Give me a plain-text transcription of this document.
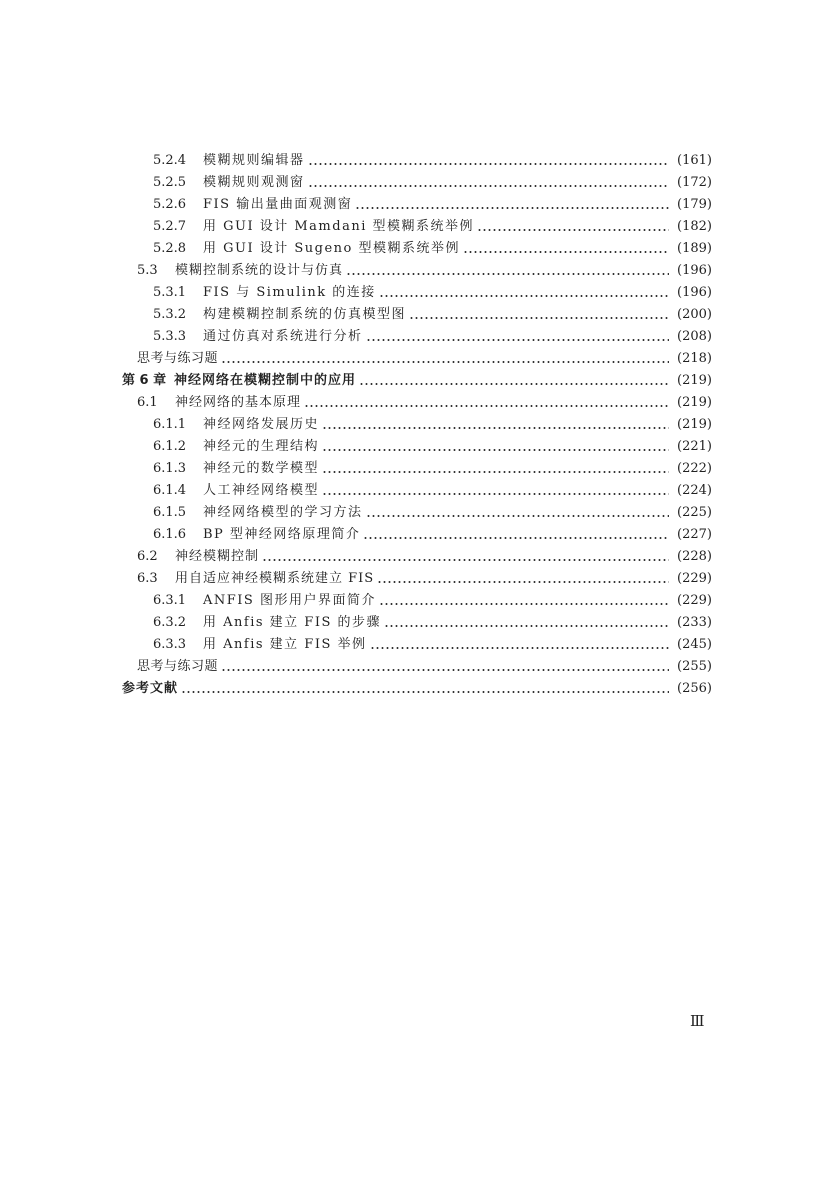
5.2.4	模糊规则编辑器	(161)
5.2.5	模糊规则观测窗	(172)
5.2.6	FIS 输出量曲面观测窗	(179)
5.2.7	用 GUI 设计 Mamdani 型模糊系统举例	(182)
5.2.8	用 GUI 设计 Sugeno 型模糊系统举例	(189)
5.3	模糊控制系统的设计与仿真	(196)
5.3.1	FIS 与 Simulink 的连接	(196)
5.3.2	构建模糊控制系统的仿真模型图	(200)
5.3.3	通过仿真对系统进行分析	(208)
思考与练习题	(218)
第 6 章 神经网络在模糊控制中的应用	(219)
6.1	神经网络的基本原理	(219)
6.1.1	神经网络发展历史	(219)
6.1.2	神经元的生理结构	(221)
6.1.3	神经元的数学模型	(222)
6.1.4	人工神经网络模型	(224)
6.1.5	神经网络模型的学习方法	(225)
6.1.6	BP 型神经网络原理简介	(227)
6.2	神经模糊控制	(228)
6.3	用自适应神经模糊系统建立 FIS	(229)
6.3.1	ANFIS 图形用户界面简介	(229)
6.3.2	用 Anfis 建立 FIS 的步骤	(233)
6.3.3	用 Anfis 建立 FIS 举例	(245)
思考与练习题	(255)
参考文献	(256)
Ⅲ
